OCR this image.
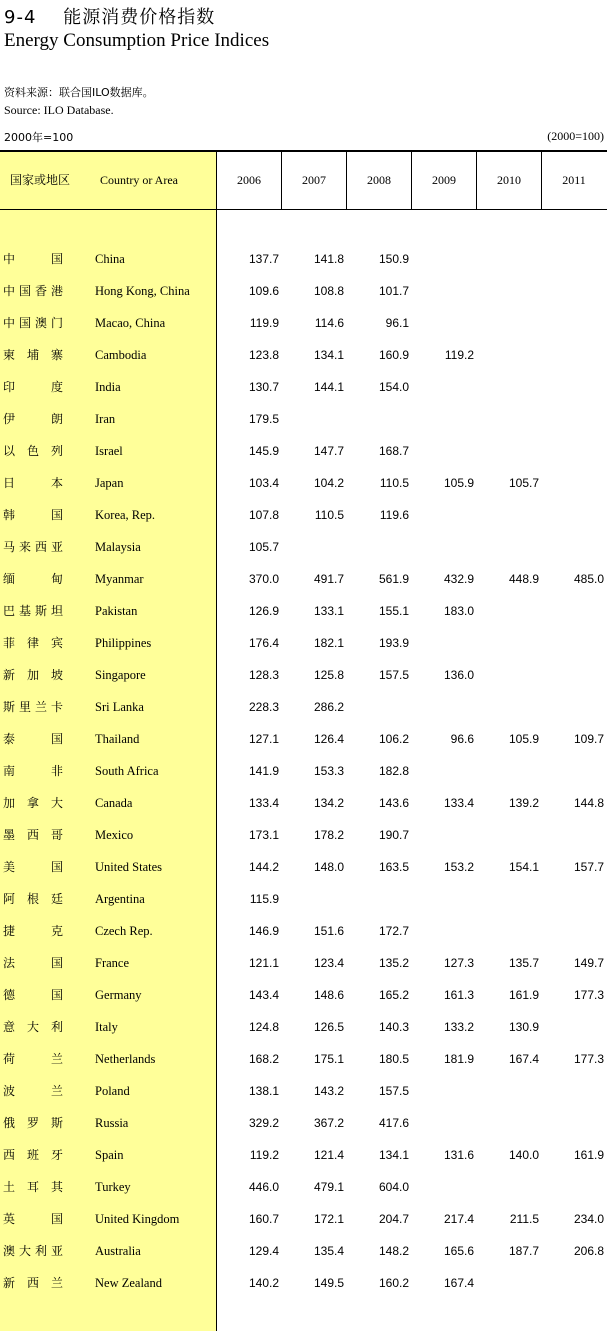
9-4 能源消费价格指数
Energy Consumption Price Indices
资料来源：联合国ILO数据库。
Source: ILO Database.
2000年=100	(2000=100)
国家或地区	Country or Area	2006	2007	2008	2009	2010	2011
中国	China	137.7	141.8	150.9
中国香港	Hong Kong, China	109.6	108.8	101.7
中国澳门	Macao, China	119.9	114.6	96.1
柬埔寨	Cambodia	123.8	134.1	160.9	119.2
印度	India	130.7	144.1	154.0
伊朗	Iran	179.5
以色列	Israel	145.9	147.7	168.7
日本	Japan	103.4	104.2	110.5	105.9	105.7
韩国	Korea, Rep.	107.8	110.5	119.6
马来西亚	Malaysia	105.7
缅甸	Myanmar	370.0	491.7	561.9	432.9	448.9	485.0
巴基斯坦	Pakistan	126.9	133.1	155.1	183.0
菲律宾	Philippines	176.4	182.1	193.9
新加坡	Singapore	128.3	125.8	157.5	136.0
斯里兰卡	Sri Lanka	228.3	286.2
泰国	Thailand	127.1	126.4	106.2	96.6	105.9	109.7
南非	South Africa	141.9	153.3	182.8
加拿大	Canada	133.4	134.2	143.6	133.4	139.2	144.8
墨西哥	Mexico	173.1	178.2	190.7
美国	United States	144.2	148.0	163.5	153.2	154.1	157.7
阿根廷	Argentina	115.9
捷克	Czech Rep.	146.9	151.6	172.7
法国	France	121.1	123.4	135.2	127.3	135.7	149.7
德国	Germany	143.4	148.6	165.2	161.3	161.9	177.3
意大利	Italy	124.8	126.5	140.3	133.2	130.9
荷兰	Netherlands	168.2	175.1	180.5	181.9	167.4	177.3
波兰	Poland	138.1	143.2	157.5
俄罗斯	Russia	329.2	367.2	417.6
西班牙	Spain	119.2	121.4	134.1	131.6	140.0	161.9
土耳其	Turkey	446.0	479.1	604.0
英国	United Kingdom	160.7	172.1	204.7	217.4	211.5	234.0
澳大利亚	Australia	129.4	135.4	148.2	165.6	187.7	206.8
新西兰	New Zealand	140.2	149.5	160.2	167.4
